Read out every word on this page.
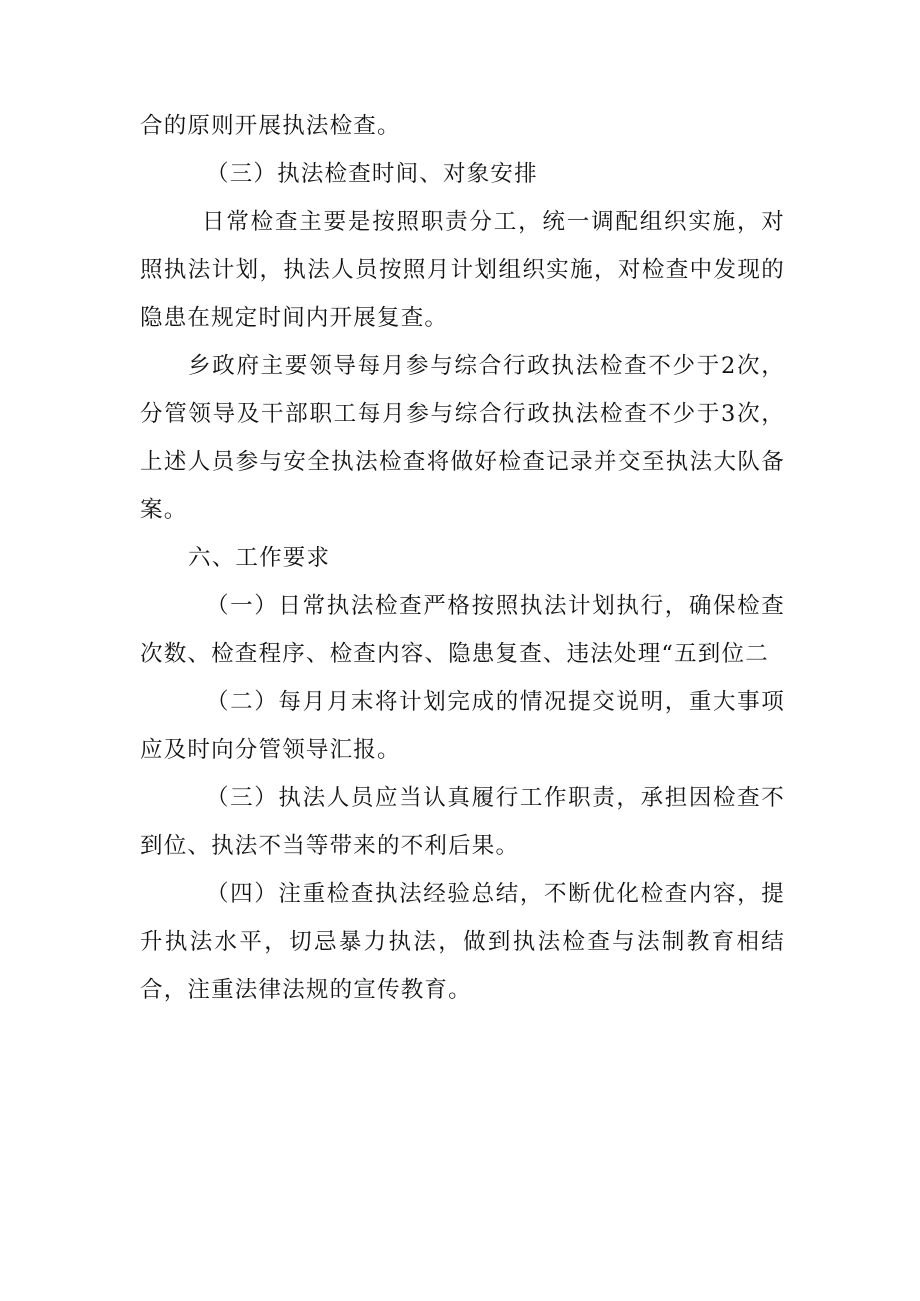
合的原则开展执法检查。

（三）执法检查时间、对象安排

日常检查主要是按照职责分工，统一调配组织实施，对照执法计划，执法人员按照月计划组织实施，对检查中发现的隐患在规定时间内开展复查。

乡政府主要领导每月参与综合行政执法检查不少于2次，分管领导及干部职工每月参与综合行政执法检查不少于3次，上述人员参与安全执法检查将做好检查记录并交至执法大队备案。

六、工作要求

（一）日常执法检查严格按照执法计划执行，确保检查次数、检查程序、检查内容、隐患复查、违法处理“五到位二

（二）每月月末将计划完成的情况提交说明，重大事项应及时向分管领导汇报。

（三）执法人员应当认真履行工作职责，承担因检查不到位、执法不当等带来的不利后果。

（四）注重检查执法经验总结，不断优化检查内容，提升执法水平，切忌暴力执法，做到执法检查与法制教育相结合，注重法律法规的宣传教育。
